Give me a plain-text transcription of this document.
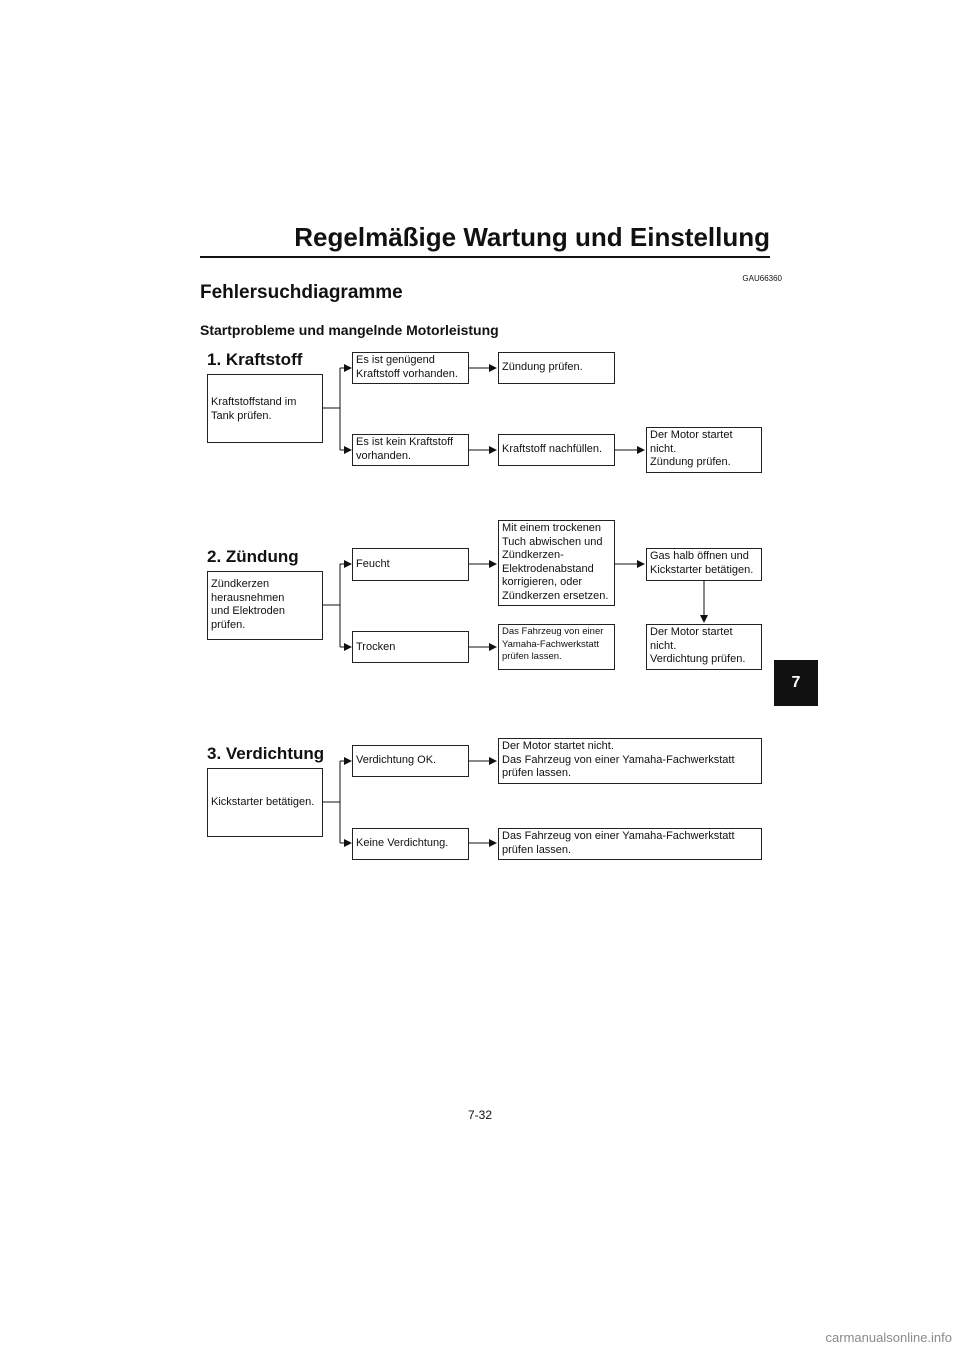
Regelmäßige Wartung und Einstellung
GAU66360
Fehlersuchdiagramme
Startprobleme und mangelnde Motorleistung
1. Kraftstoff
Kraftstoffstand im
Tank prüfen.
Es ist genügend
Kraftstoff vorhanden.
Zündung prüfen.
Es ist kein Kraftstoff
vorhanden.
Kraftstoff nachfüllen.
Der Motor startet
nicht.
Zündung prüfen.
2. Zündung
Zündkerzen
herausnehmen
und Elektroden
prüfen.
Feucht
Mit einem trockenen
Tuch abwischen und
Zündkerzen-
Elektrodenabstand
korrigieren, oder
Zündkerzen ersetzen.
Gas halb öffnen und
Kickstarter betätigen.
Der Motor startet
nicht.
Verdichtung prüfen.
Trocken
Das Fahrzeug von einer
Yamaha-Fachwerkstatt
prüfen lassen.
3. Verdichtung
Kickstarter betätigen.
Verdichtung OK.
Der Motor startet nicht.
Das Fahrzeug von einer Yamaha-Fachwerkstatt
prüfen lassen.
Keine Verdichtung.
Das Fahrzeug von einer Yamaha-Fachwerkstatt
prüfen lassen.
7
7-32
carmanualsonline.info
